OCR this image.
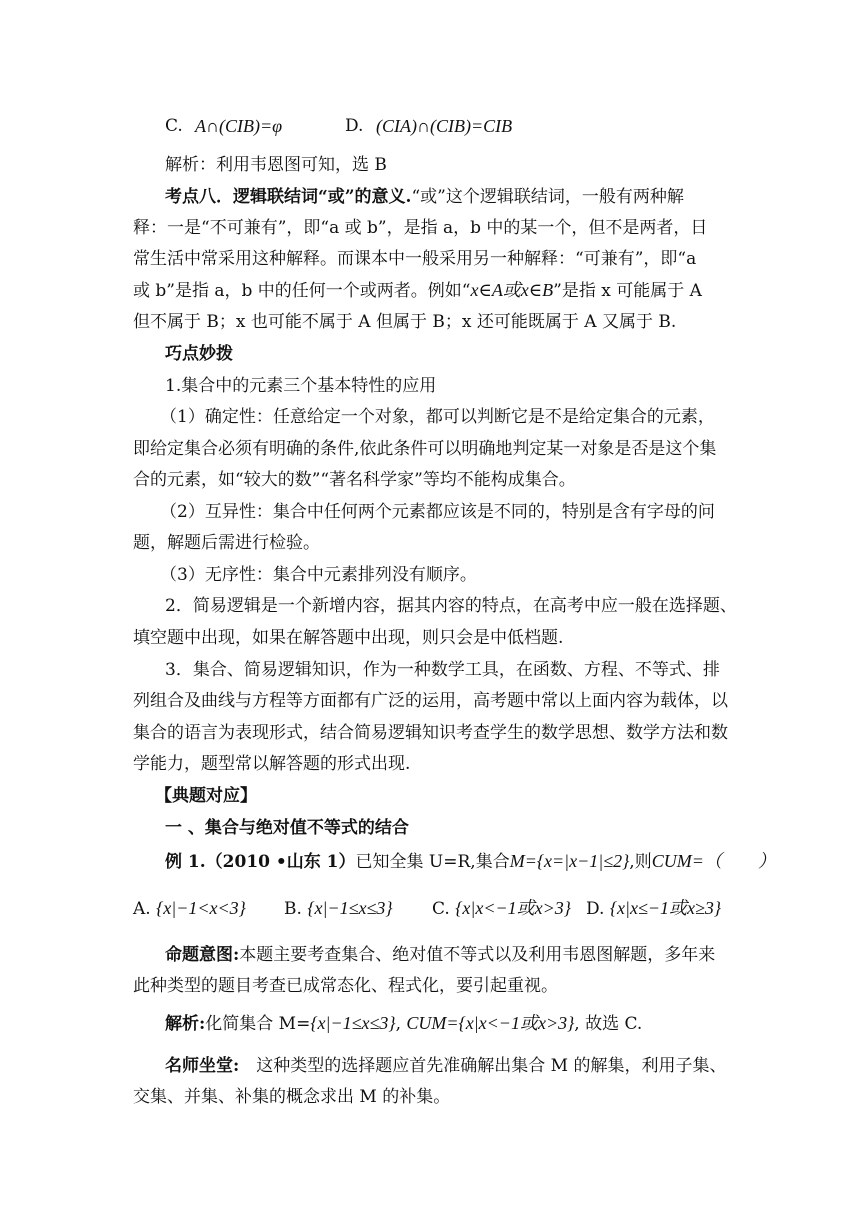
C. A∩(CIB)=φ	D. (CIA)∩(CIB)=CIB
解析：利用韦恩图可知，选 B
考点八．逻辑联结词“或”的意义.“或”这个逻辑联结词，一般有两种解
释：一是“不可兼有”，即“a 或 b”，是指 a，b 中的某一个，但不是两者，日
常生活中常采用这种解释。而课本中一般采用另一种解释：“可兼有”，即“a
或 b”是指 a，b 中的任何一个或两者。例如“x∈A或x∈B”是指 x 可能属于 A
但不属于 B；x 也可能不属于 A 但属于 B；x 还可能既属于 A 又属于 B.
巧点妙拨
1.集合中的元素三个基本特性的应用
（1）确定性：任意给定一个对象，都可以判断它是不是给定集合的元素，
即给定集合必须有明确的条件,依此条件可以明确地判定某一对象是否是这个集
合的元素，如“较大的数”“著名科学家”等均不能构成集合。
（2）互异性：集合中任何两个元素都应该是不同的，特别是含有字母的问
题，解题后需进行检验。
（3）无序性：集合中元素排列没有顺序。
2．简易逻辑是一个新增内容，据其内容的特点，在高考中应一般在选择题、
填空题中出现，如果在解答题中出现，则只会是中低档题.
3．集合、简易逻辑知识，作为一种数学工具，在函数、方程、不等式、排
列组合及曲线与方程等方面都有广泛的运用，高考题中常以上面内容为载体，以
集合的语言为表现形式，结合简易逻辑知识考查学生的数学思想、数学方法和数
学能力，题型常以解答题的形式出现.
【典题对应】
一 、集合与绝对值不等式的结合
例 1.（2010 •山东 1）已知全集 U=R,集合M={x=|x−1|≤2},则CUM=（　　）
A. {x|−1<x<3} B. {x|−1≤x≤3} C. {x|x<−1或x>3} D. {x|x≤−1或x≥3}
命题意图:本题主要考查集合、绝对值不等式以及利用韦恩图解题，多年来
此种类型的题目考查已成常态化、程式化，要引起重视。
解析:化简集合 M={x|−1≤x≤3}, CUM={x|x<−1或x>3}, 故选 C.
名师坐堂:　这种类型的选择题应首先准确解出集合 M 的解集，利用子集、
交集、并集、补集的概念求出 M 的补集。
